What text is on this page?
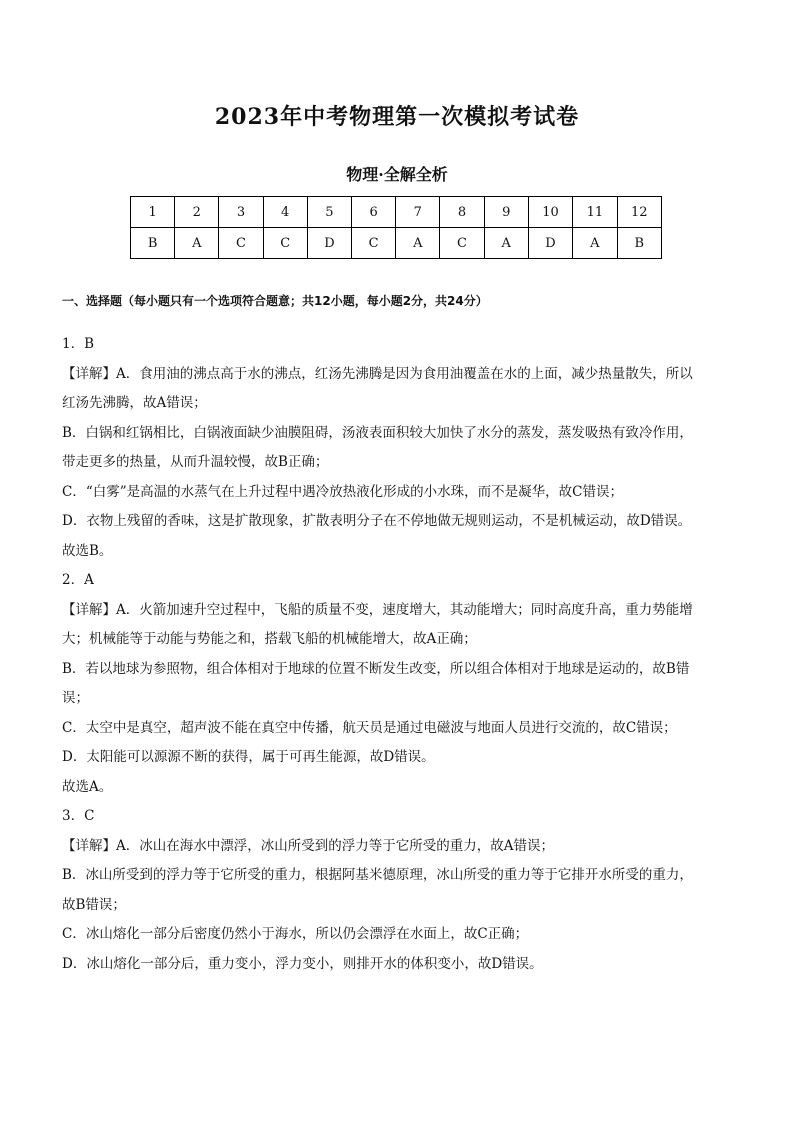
2023年中考物理第一次模拟考试卷
物理·全解全析
1	2	3	4	5	6	7	8	9	10	11	12
B	A	C	C	D	C	A	C	A	D	A	B
一、选择题（每小题只有一个选项符合题意；共12小题，每小题2分，共24分）

1．B

【详解】A．食用油的沸点高于水的沸点，红汤先沸腾是因为食用油覆盖在水的上面，减少热量散失，所以

红汤先沸腾，故A错误；

B．白锅和红锅相比，白锅液面缺少油膜阻碍，汤液表面积较大加快了水分的蒸发，蒸发吸热有致冷作用，

带走更多的热量，从而升温较慢，故B正确；

C．“白雾”是高温的水蒸气在上升过程中遇冷放热液化形成的小水珠，而不是凝华，故C错误；

D．衣物上残留的香味，这是扩散现象，扩散表明分子在不停地做无规则运动，不是机械运动，故D错误。

故选B。

2．A

【详解】A．火箭加速升空过程中，飞船的质量不变，速度增大，其动能增大；同时高度升高，重力势能增

大；机械能等于动能与势能之和，搭载飞船的机械能增大，故A正确；

B．若以地球为参照物，组合体相对于地球的位置不断发生改变，所以组合体相对于地球是运动的，故B错

误；

C．太空中是真空，超声波不能在真空中传播，航天员是通过电磁波与地面人员进行交流的，故C错误；

D．太阳能可以源源不断的获得，属于可再生能源，故D错误。

故选A。

3．C

【详解】A．冰山在海水中漂浮，冰山所受到的浮力等于它所受的重力，故A错误；

B．冰山所受到的浮力等于它所受的重力，根据阿基米德原理，冰山所受的重力等于它排开水所受的重力，

故B错误；

C．冰山熔化一部分后密度仍然小于海水，所以仍会漂浮在水面上，故C正确；

D．冰山熔化一部分后，重力变小，浮力变小，则排开水的体积变小，故D错误。
